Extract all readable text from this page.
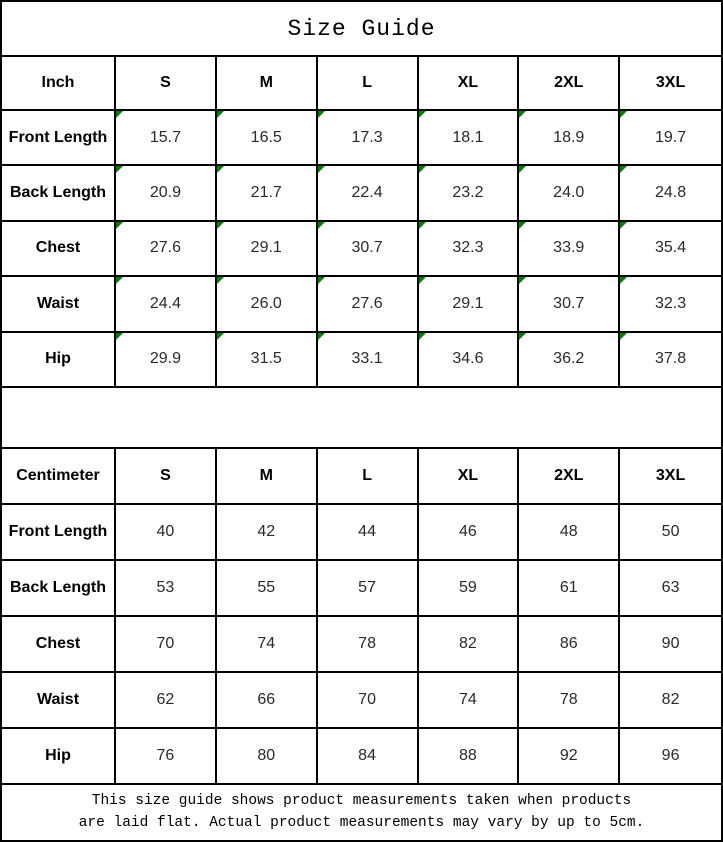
Size Guide
Inch	S	M	L	XL	2XL	3XL
Front Length	15.7	16.5	17.3	18.1	18.9	19.7
Back Length	20.9	21.7	22.4	23.2	24.0	24.8
Chest	27.6	29.1	30.7	32.3	33.9	35.4
Waist	24.4	26.0	27.6	29.1	30.7	32.3
Hip	29.9	31.5	33.1	34.6	36.2	37.8
Centimeter	S	M	L	XL	2XL	3XL
Front Length	40	42	44	46	48	50
Back Length	53	55	57	59	61	63
Chest	70	74	78	82	86	90
Waist	62	66	70	74	78	82
Hip	76	80	84	88	92	96
This size guide shows product measurements taken when products
are laid flat. Actual product measurements may vary by up to 5cm.
